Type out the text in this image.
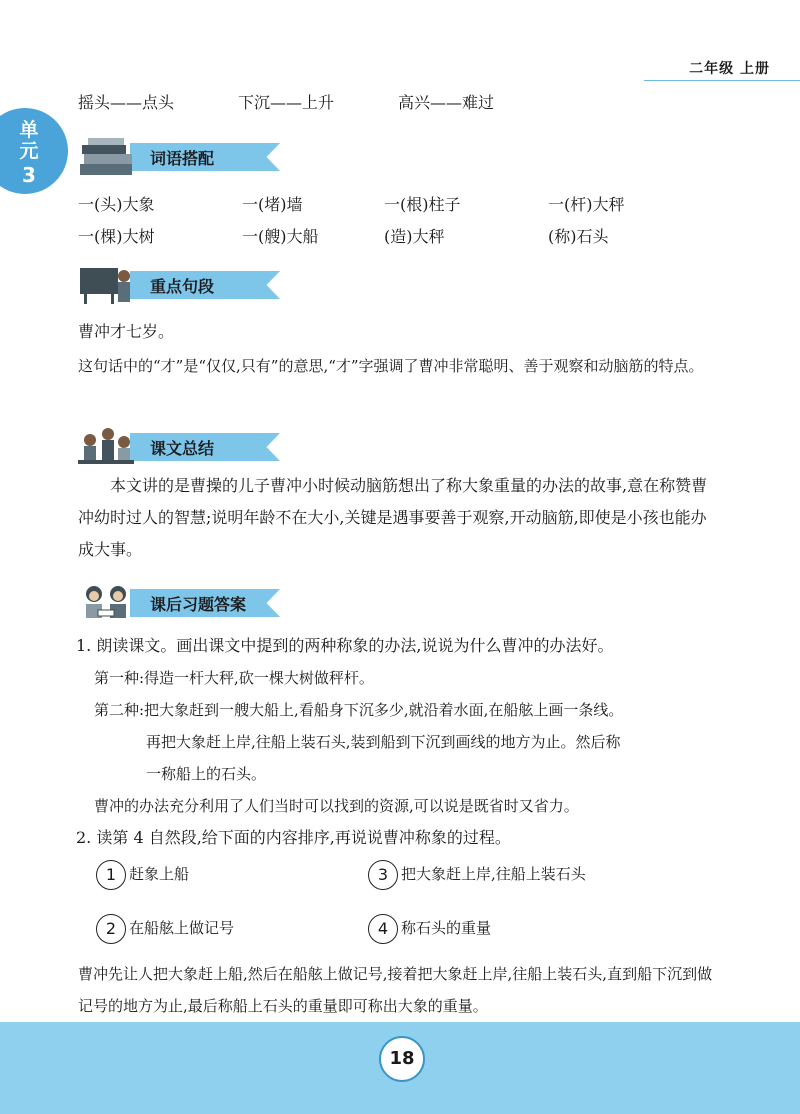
二年级 上册
单元
3
摇头——点头	下沉——上升	高兴——难过
词语搭配
一(头)大象	一(堵)墙	一(根)柱子	一(杆)大秤
一(棵)大树	一(艘)大船	(造)大秤	(称)石头
重点句段
曹冲才七岁。
这句话中的“才”是“仅仅,只有”的意思,“才”字强调了曹冲非常聪明、善于观察和动脑筋的特点。
课文总结
本文讲的是曹操的儿子曹冲小时候动脑筋想出了称大象重量的办法的故事,意在称赞曹冲幼时过人的智慧;说明年龄不在大小,关键是遇事要善于观察,开动脑筋,即使是小孩也能办成大事。
课后习题答案
1. 朗读课文。画出课文中提到的两种称象的办法,说说为什么曹冲的办法好。
第一种:得造一杆大秤,砍一棵大树做秤杆。
第二种:把大象赶到一艘大船上,看船身下沉多少,就沿着水面,在船舷上画一条线。
再把大象赶上岸,往船上装石头,装到船到下沉到画线的地方为止。然后称
一称船上的石头。
曹冲的办法充分利用了人们当时可以找到的资源,可以说是既省时又省力。
2. 读第 4 自然段,给下面的内容排序,再说说曹冲称象的过程。
1 赶象上船	3 把大象赶上岸,往船上装石头
2 在船舷上做记号	4 称石头的重量
曹冲先让人把大象赶上船,然后在船舷上做记号,接着把大象赶上岸,往船上装石头,直到船下沉到做记号的地方为止,最后称船上石头的重量即可称出大象的重量。
18
